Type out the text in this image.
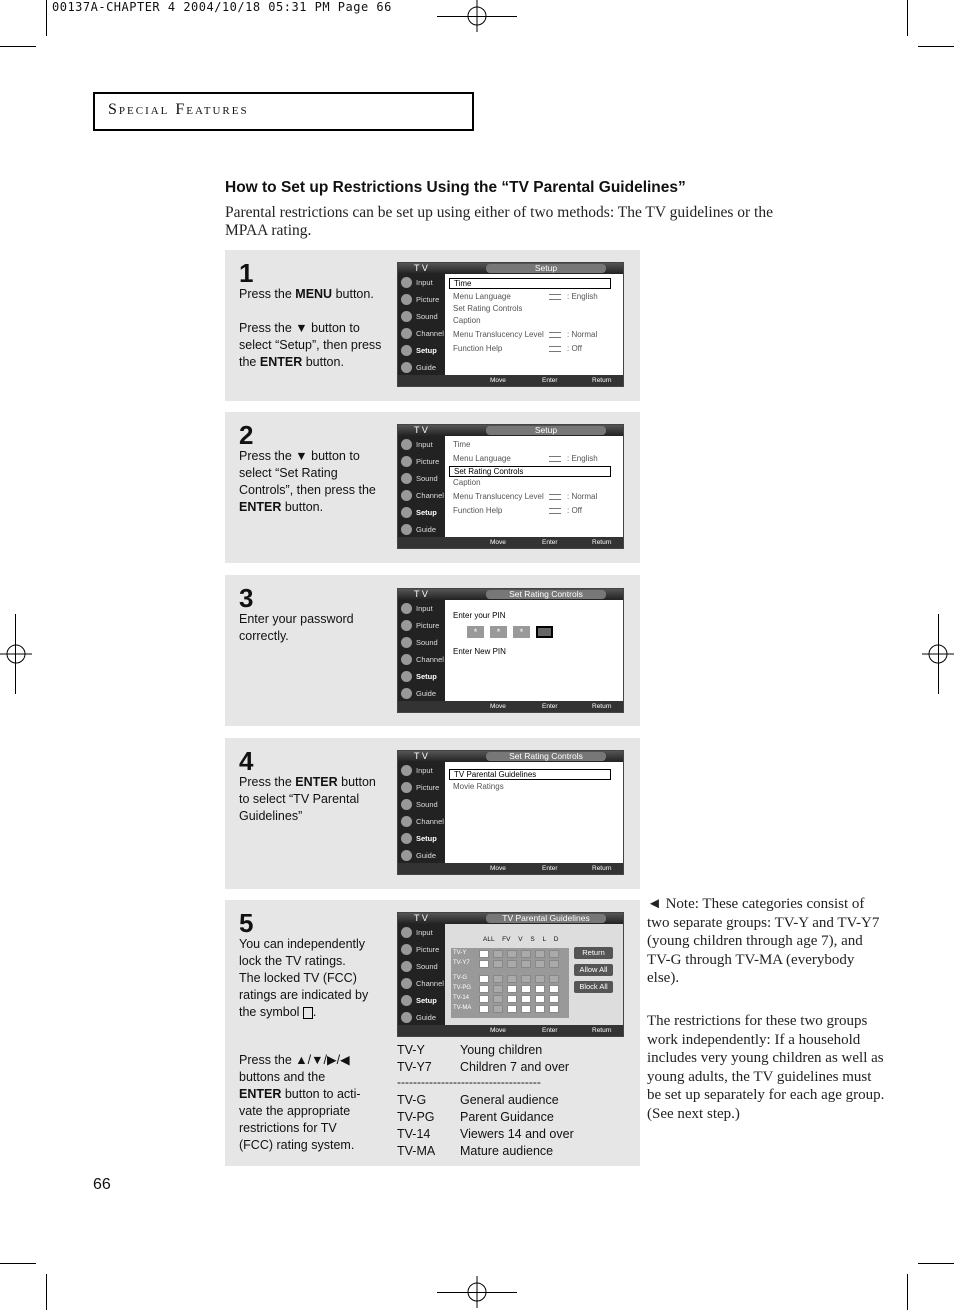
00137A-CHAPTER 4 2004/10/18 05:31 PM Page 66
Special Features
How to Set up Restrictions Using the “TV Parental Guidelines”
Parental restrictions can be set up using either of two methods: The TV guidelines or the MPAA rating.
1
Press the MENU button.

Press the ▼ button to select “Setup”, then press the ENTER button.
T V	Setup
Input
Picture
Sound
Channel
Setup
Guide
Time
Menu Language	: English
Set Rating Controls
Caption
Menu Translucency Level	: Normal
Function Help	: Off
Move	Enter	Return
2
Press the ▼ button to select “Set Rating Controls”, then press the ENTER button.
T V	Setup
Input
Picture
Sound
Channel
Setup
Guide
Time
Menu Language	: English
Set Rating Controls
Caption
Menu Translucency Level	: Normal
Function Help	: Off
Move	Enter	Return
3
Enter your password correctly.
T V	Set Rating Controls
Input
Picture
Sound
Channel
Setup
Guide
Enter your PIN
*	*	*
Enter New PIN
Move	Enter	Return
4
Press the ENTER button to select “TV Parental Guidelines”
T V	Set Rating Controls
Input
Picture
Sound
Channel
Setup
Guide
TV Parental Guidelines
Movie Ratings
Move	Enter	Return
5
You can independently lock the TV ratings. The locked TV (FCC) ratings are indicated by the symbol .
Press the ▲/▼/▶/◀ buttons and the ENTER button to acti-vate the appropriate restrictions for TV (FCC) rating system.
T V	TV Parental Guidelines
Input
Picture
Sound
Channel
Setup
Guide
ALL FV V S L D
TV-Y
TV-Y7
TV-G
TV-PG
TV-14
TV-MA
Return
Allow All
Block All
Move	Enter	Return
TV-Y	Young children
TV-Y7 Children 7 and over
------------------------------------
TV-G	General audience
TV-PG Parent Guidance
TV-14 Viewers 14 and over
TV-MA Mature audience
◄ Note: These categories consist of two separate groups: TV-Y and TV-Y7 (young children through age 7), and TV-G through TV-MA (everybody else).
The restrictions for these two groups work independently: If a household includes very young children as well as young adults, the TV guidelines must be set up separately for each age group. (See next step.)
66
